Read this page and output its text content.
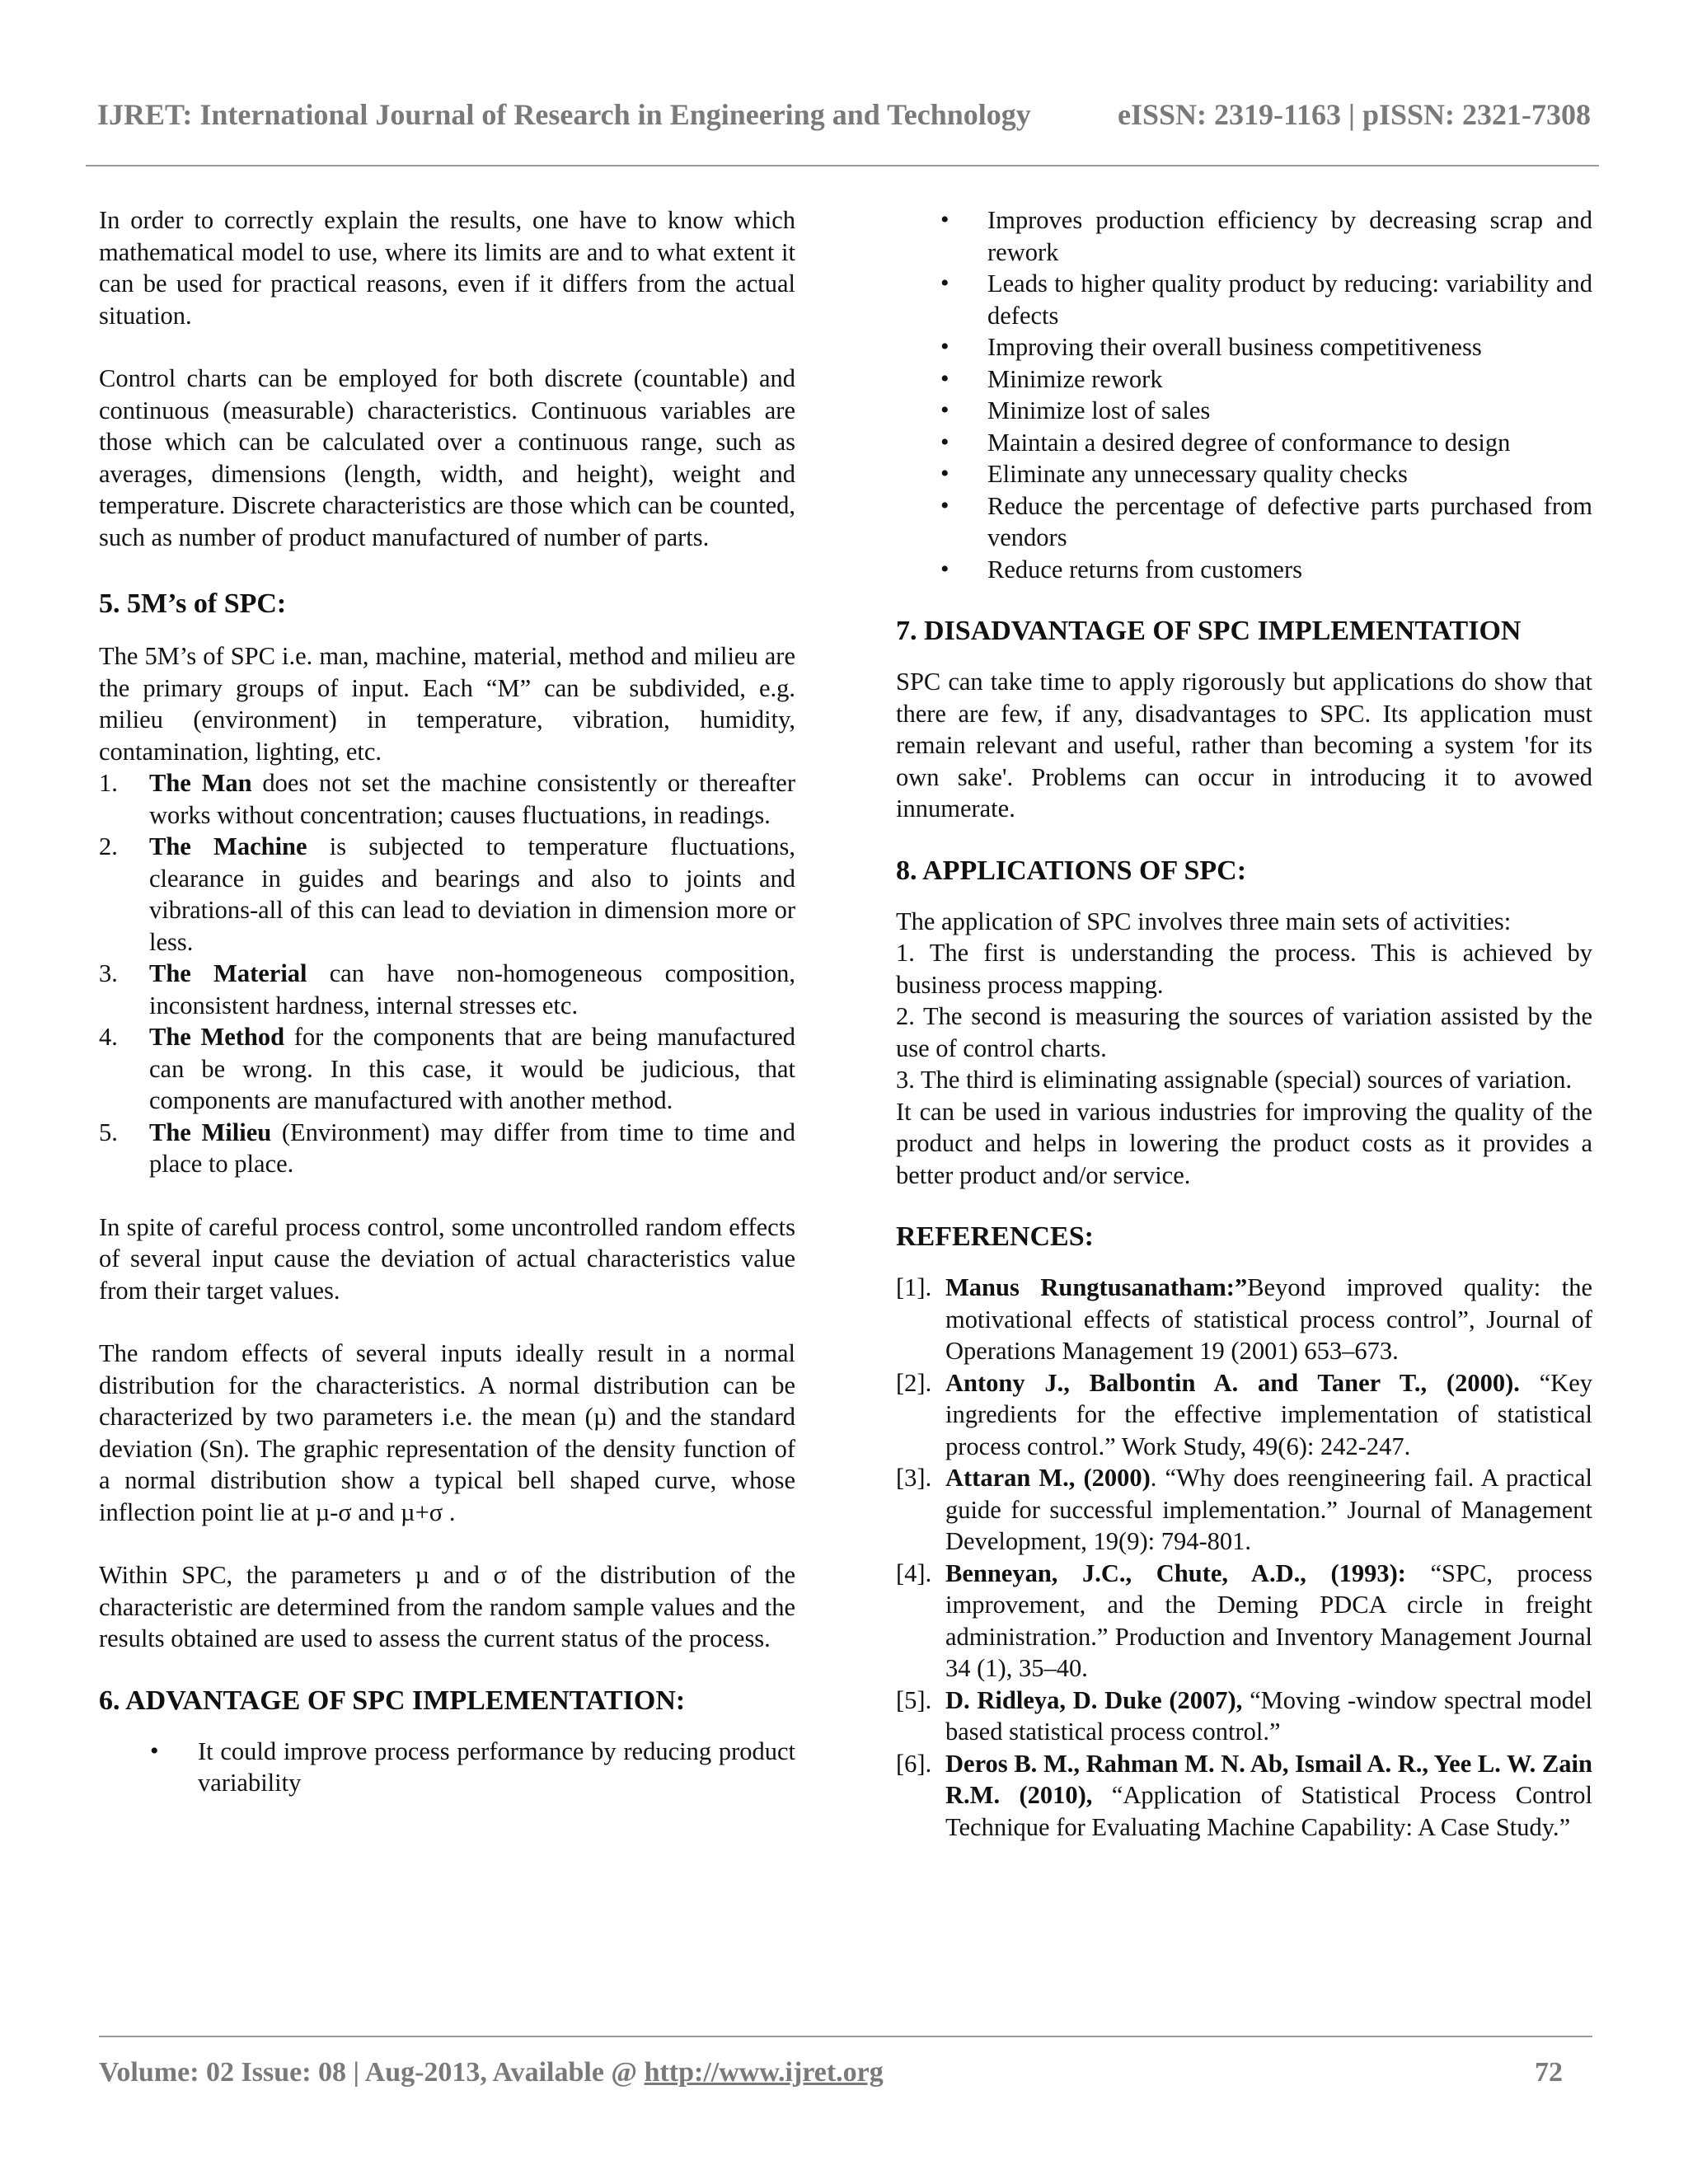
IJRET: International Journal of Research in Engineering and Technology	eISSN: 2319-1163 | pISSN: 2321-7308

In order to correctly explain the results, one have to know which mathematical model to use, where its limits are and to what extent it can be used for practical reasons, even if it differs from the actual situation.

Control charts can be employed for both discrete (countable) and continuous (measurable) characteristics. Continuous variables are those which can be calculated over a continuous range, such as averages, dimensions (length, width, and height), weight and temperature. Discrete characteristics are those which can be counted, such as number of product manufactured of number of parts.

5. 5M’s of SPC:

The 5M’s of SPC i.e. man, machine, material, method and milieu are the primary groups of input. Each “M” can be subdivided, e.g. milieu (environment) in temperature, vibration, humidity, contamination, lighting, etc.

1. The Man does not set the machine consistently or thereafter works without concentration; causes fluctuations, in readings.
2. The Machine is subjected to temperature fluctuations, clearance in guides and bearings and also to joints and vibrations-all of this can lead to deviation in dimension more or less.
3. The Material can have non-homogeneous composition, inconsistent hardness, internal stresses etc.
4. The Method for the components that are being manufactured can be wrong. In this case, it would be judicious, that components are manufactured with another method.
5. The Milieu (Environment) may differ from time to time and place to place.

In spite of careful process control, some uncontrolled random effects of several input cause the deviation of actual characteristics value from their target values.

The random effects of several inputs ideally result in a normal distribution for the characteristics. A normal distribution can be characterized by two parameters i.e. the mean (µ) and the standard deviation (Sn). The graphic representation of the density function of a normal distribution show a typical bell shaped curve, whose inflection point lie at µ-σ and µ+σ .

Within SPC, the parameters µ and σ of the distribution of the characteristic are determined from the random sample values and the results obtained are used to assess the current status of the process.

6. ADVANTAGE OF SPC IMPLEMENTATION:
• It could improve process performance by reducing product variability
• Improves production efficiency by decreasing scrap and rework
• Leads to higher quality product by reducing: variability and defects
• Improving their overall business competitiveness
• Minimize rework
• Minimize lost of sales
• Maintain a desired degree of conformance to design
• Eliminate any unnecessary quality checks
• Reduce the percentage of defective parts purchased from vendors
• Reduce returns from customers
7. DISADVANTAGE OF SPC IMPLEMENTATION

SPC can take time to apply rigorously but applications do show that there are few, if any, disadvantages to SPC. Its application must remain relevant and useful, rather than becoming a system 'for its own sake'. Problems can occur in introducing it to avowed innumerate.

8. APPLICATIONS OF SPC:

The application of SPC involves three main sets of activities:

1. The first is understanding the process. This is achieved by business process mapping.

2. The second is measuring the sources of variation assisted by the use of control charts.

3. The third is eliminating assignable (special) sources of variation.

It can be used in various industries for improving the quality of the product and helps in lowering the product costs as it provides a better product and/or service.

REFERENCES:
[1]. Manus Rungtusanatham:”Beyond improved quality: the motivational effects of statistical process control”, Journal of Operations Management 19 (2001) 653–673.
[2]. Antony J., Balbontin A. and Taner T., (2000). “Key ingredients for the effective implementation of statistical process control.” Work Study, 49(6): 242-247.
[3]. Attaran M., (2000). “Why does reengineering fail. A practical guide for successful implementation.” Journal of Management Development, 19(9): 794-801.
[4]. Benneyan, J.C., Chute, A.D., (1993): “SPC, process improvement, and the Deming PDCA circle in freight administration.” Production and Inventory Management Journal 34 (1), 35–40.
[5]. D. Ridleya, D. Duke (2007), “Moving -window spectral model based statistical process control.”
[6]. Deros B. M., Rahman M. N. Ab, Ismail A. R., Yee L. W. Zain R.M. (2010), “Application of Statistical Process Control Technique for Evaluating Machine Capability: A Case Study.”
Volume: 02 Issue: 08 | Aug-2013, Available @ http://www.ijret.org	72
